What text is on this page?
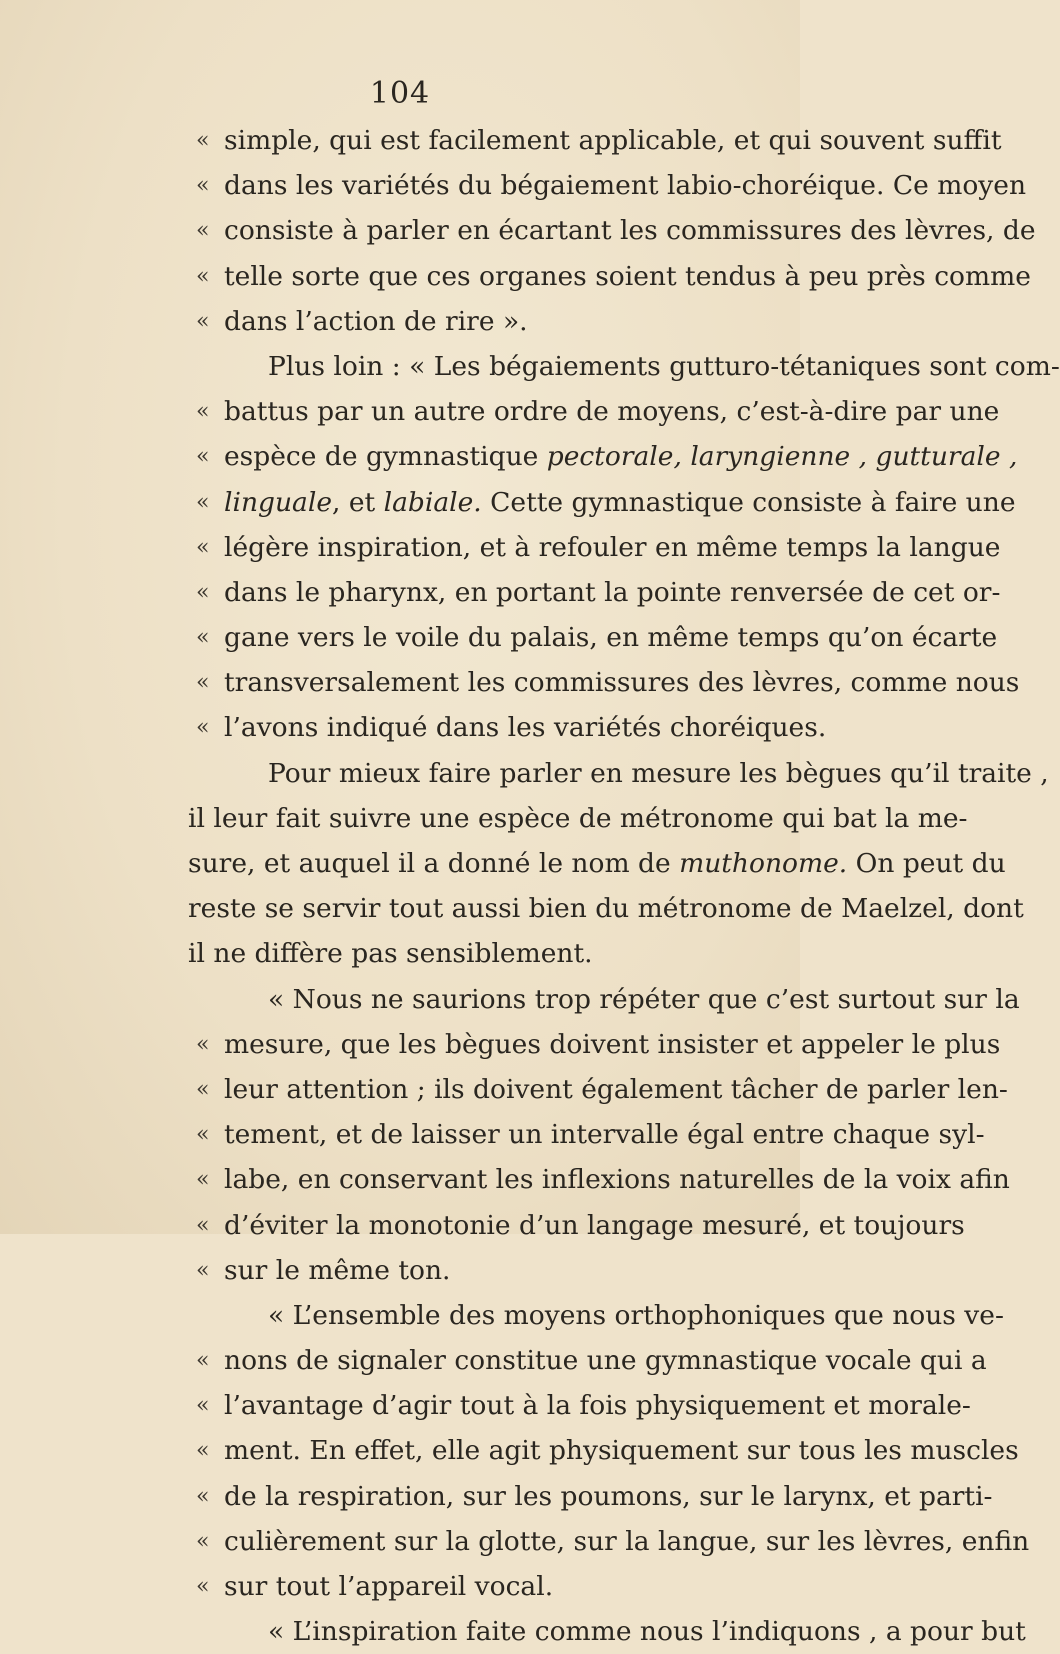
104
« simple, qui est facilement applicable, et qui souvent suffit
« dans les variétés du bégaiement labio-choréique. Ce moyen
« consiste à parler en écartant les commissures des lèvres, de
« telle sorte que ces organes soient tendus à peu près comme
« dans l’action de rire ».
Plus loin : « Les bégaiements gutturo-tétaniques sont com-
« battus par un autre ordre de moyens, c’est-à-dire par une
« espèce de gymnastique pectorale, laryngienne , gutturale ,
« linguale, et labiale. Cette gymnastique consiste à faire une
« légère inspiration, et à refouler en même temps la langue
« dans le pharynx, en portant la pointe renversée de cet or-
« gane vers le voile du palais, en même temps qu’on écarte
« transversalement les commissures des lèvres, comme nous
« l’avons indiqué dans les variétés choréiques.
Pour mieux faire parler en mesure les bègues qu’il traite ,
il leur fait suivre une espèce de métronome qui bat la me-
sure, et auquel il a donné le nom de muthonome. On peut du
reste se servir tout aussi bien du métronome de Maelzel, dont
il ne diffère pas sensiblement.
« Nous ne saurions trop répéter que c’est surtout sur la
« mesure, que les bègues doivent insister et appeler le plus
« leur attention ; ils doivent également tâcher de parler len-
« tement, et de laisser un intervalle égal entre chaque syl-
« labe, en conservant les inflexions naturelles de la voix afin
« d’éviter la monotonie d’un langage mesuré, et toujours
« sur le même ton.
« L’ensemble des moyens orthophoniques que nous ve-
« nons de signaler constitue une gymnastique vocale qui a
« l’avantage d’agir tout à la fois physiquement et morale-
« ment. En effet, elle agit physiquement sur tous les muscles
« de la respiration, sur les poumons, sur le larynx, et parti-
« culièrement sur la glotte, sur la langue, sur les lèvres, enfin
« sur tout l’appareil vocal.
« L’inspiration faite comme nous l’indiquons , a pour but
